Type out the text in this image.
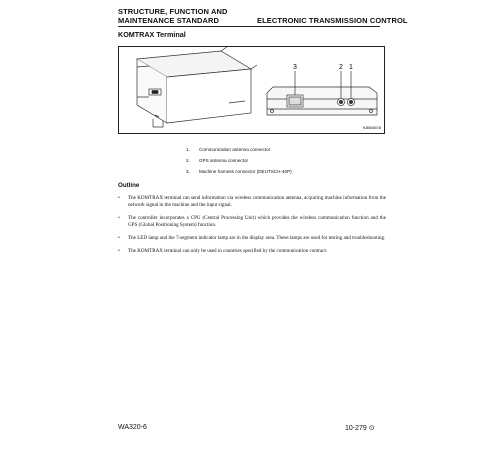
STRUCTURE, FUNCTION AND
MAINTENANCE STANDARD	ELECTRONIC TRANSMISSION CONTROL
KOMTRAX Terminal
3	2 1
9JB04678
1.	Communication antenna connector
2.	GPS antenna connector
3.	Machine harness connector (DEUTSCH-40P)
Outline
•	The KOMTRAX terminal can send information via wireless communication antenna, acquiring machine information from the network signal in the machine and the input signal.
•	The controller incorporates a CPU (Central Processing Unit) which provides the wireless communication function and the GPS (Global Positioning System) function.
•	The LED lamp and the 7-segment indicator lamp are in the display area. These lamps are used for testing and troubleshooting.
•	The KOMTRAX terminal can only be used in countries specified by the communication contract.
WA320-6	10-279 ⊙
